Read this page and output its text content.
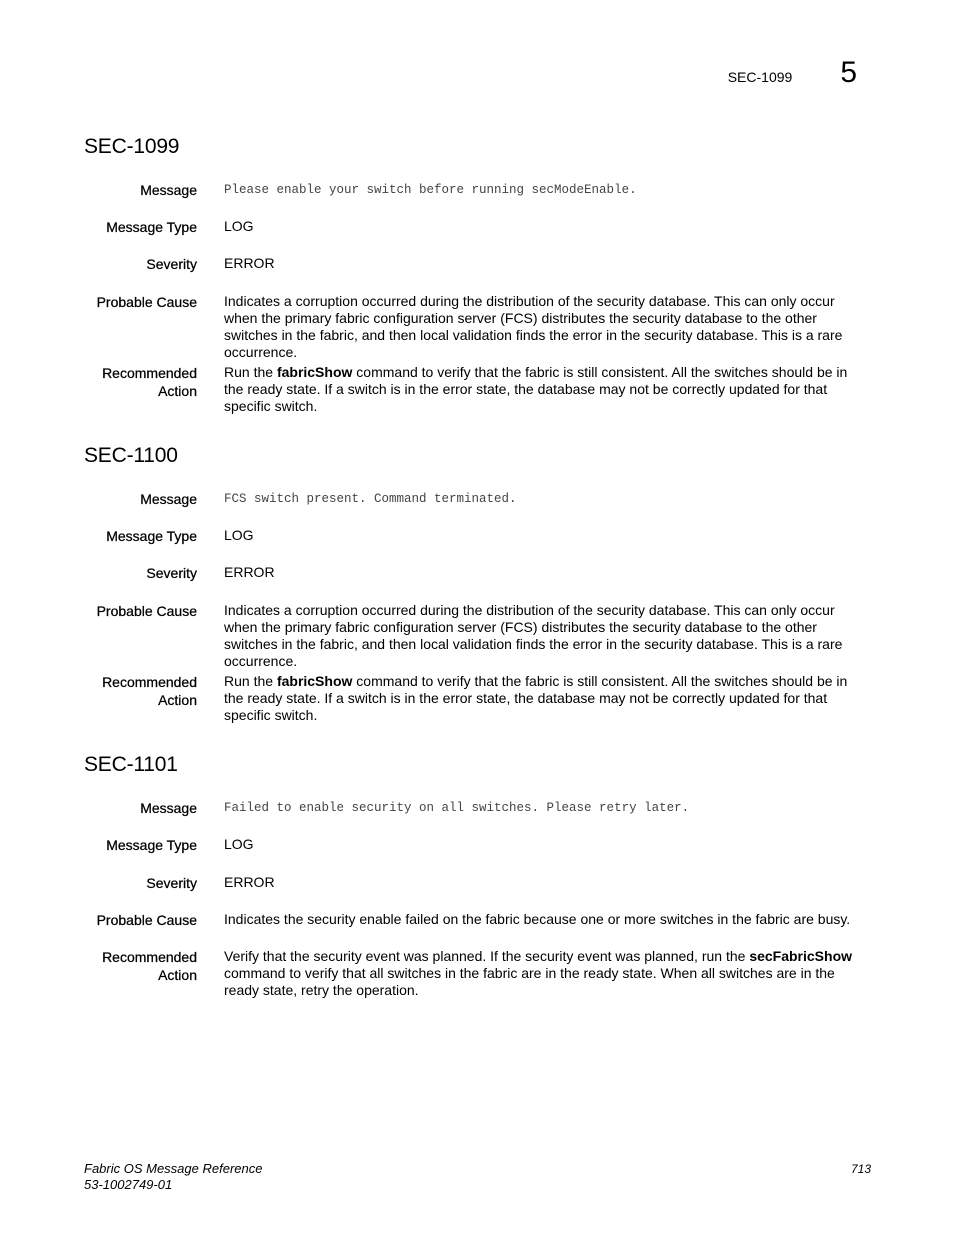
SEC-1099 5
SEC-1099
Message Please enable your switch before running secModeEnable.
Message Type LOG
Severity ERROR
Probable Cause Indicates a corruption occurred during the distribution of the security database. This can only occur when the primary fabric configuration server (FCS) distributes the security database to the other switches in the fabric, and then local validation finds the error in the security database. This is a rare occurrence.
Recommended
Action
Run the fabricShow command to verify that the fabric is still consistent. All the switches should be in the ready state. If a switch is in the error state, the database may not be correctly updated for that specific switch.
SEC-1100
Message FCS switch present. Command terminated.
Message Type LOG
Severity ERROR
Probable Cause Indicates a corruption occurred during the distribution of the security database. This can only occur when the primary fabric configuration server (FCS) distributes the security database to the other switches in the fabric, and then local validation finds the error in the security database. This is a rare occurrence.
Recommended
Action
Run the fabricShow command to verify that the fabric is still consistent. All the switches should be in the ready state. If a switch is in the error state, the database may not be correctly updated for that specific switch.
SEC-1101
Message Failed to enable security on all switches. Please retry later.
Message Type LOG
Severity ERROR
Probable Cause Indicates the security enable failed on the fabric because one or more switches in the fabric are busy.
Recommended
Action
Verify that the security event was planned. If the security event was planned, run the secFabricShow command to verify that all switches in the fabric are in the ready state. When all switches are in the ready state, retry the operation.
Fabric OS Message Reference
53-1002749-01
713
